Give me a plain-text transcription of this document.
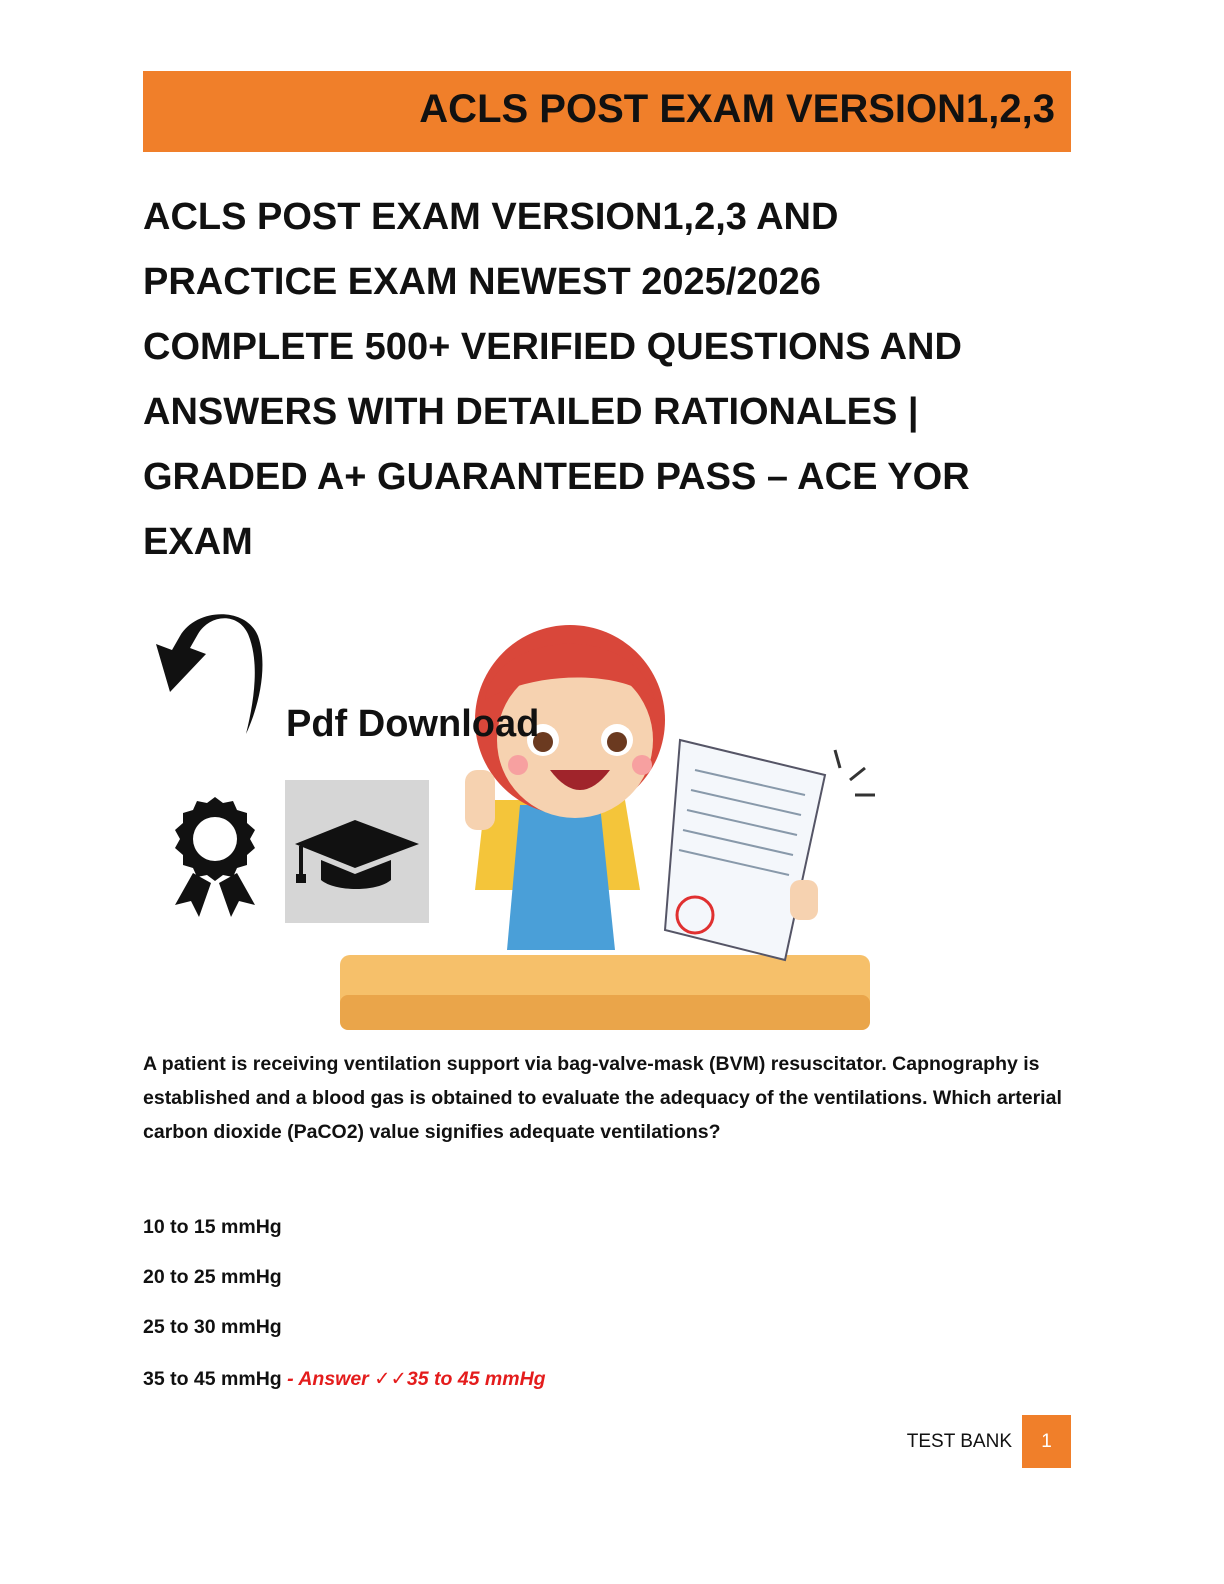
ACLS POST EXAM VERSION1,2,3
ACLS POST EXAM VERSION1,2,3 AND
PRACTICE EXAM NEWEST 2025/2026
COMPLETE 500+ VERIFIED QUESTIONS AND
ANSWERS WITH DETAILED RATIONALES |
GRADED A+ GUARANTEED PASS – ACE YOR
EXAM
Pdf Download

A patient is receiving ventilation support via bag-valve-mask (BVM) resuscitator. Capnography is established and a blood gas is obtained to evaluate the adequacy of the ventilations. Which arterial carbon dioxide (PaCO2) value signifies adequate ventilations?

10 to 15 mmHg
20 to 25 mmHg
25 to 30 mmHg
35 to 45 mmHg - Answer ✓✓35 to 45 mmHg
TEST BANK	1
